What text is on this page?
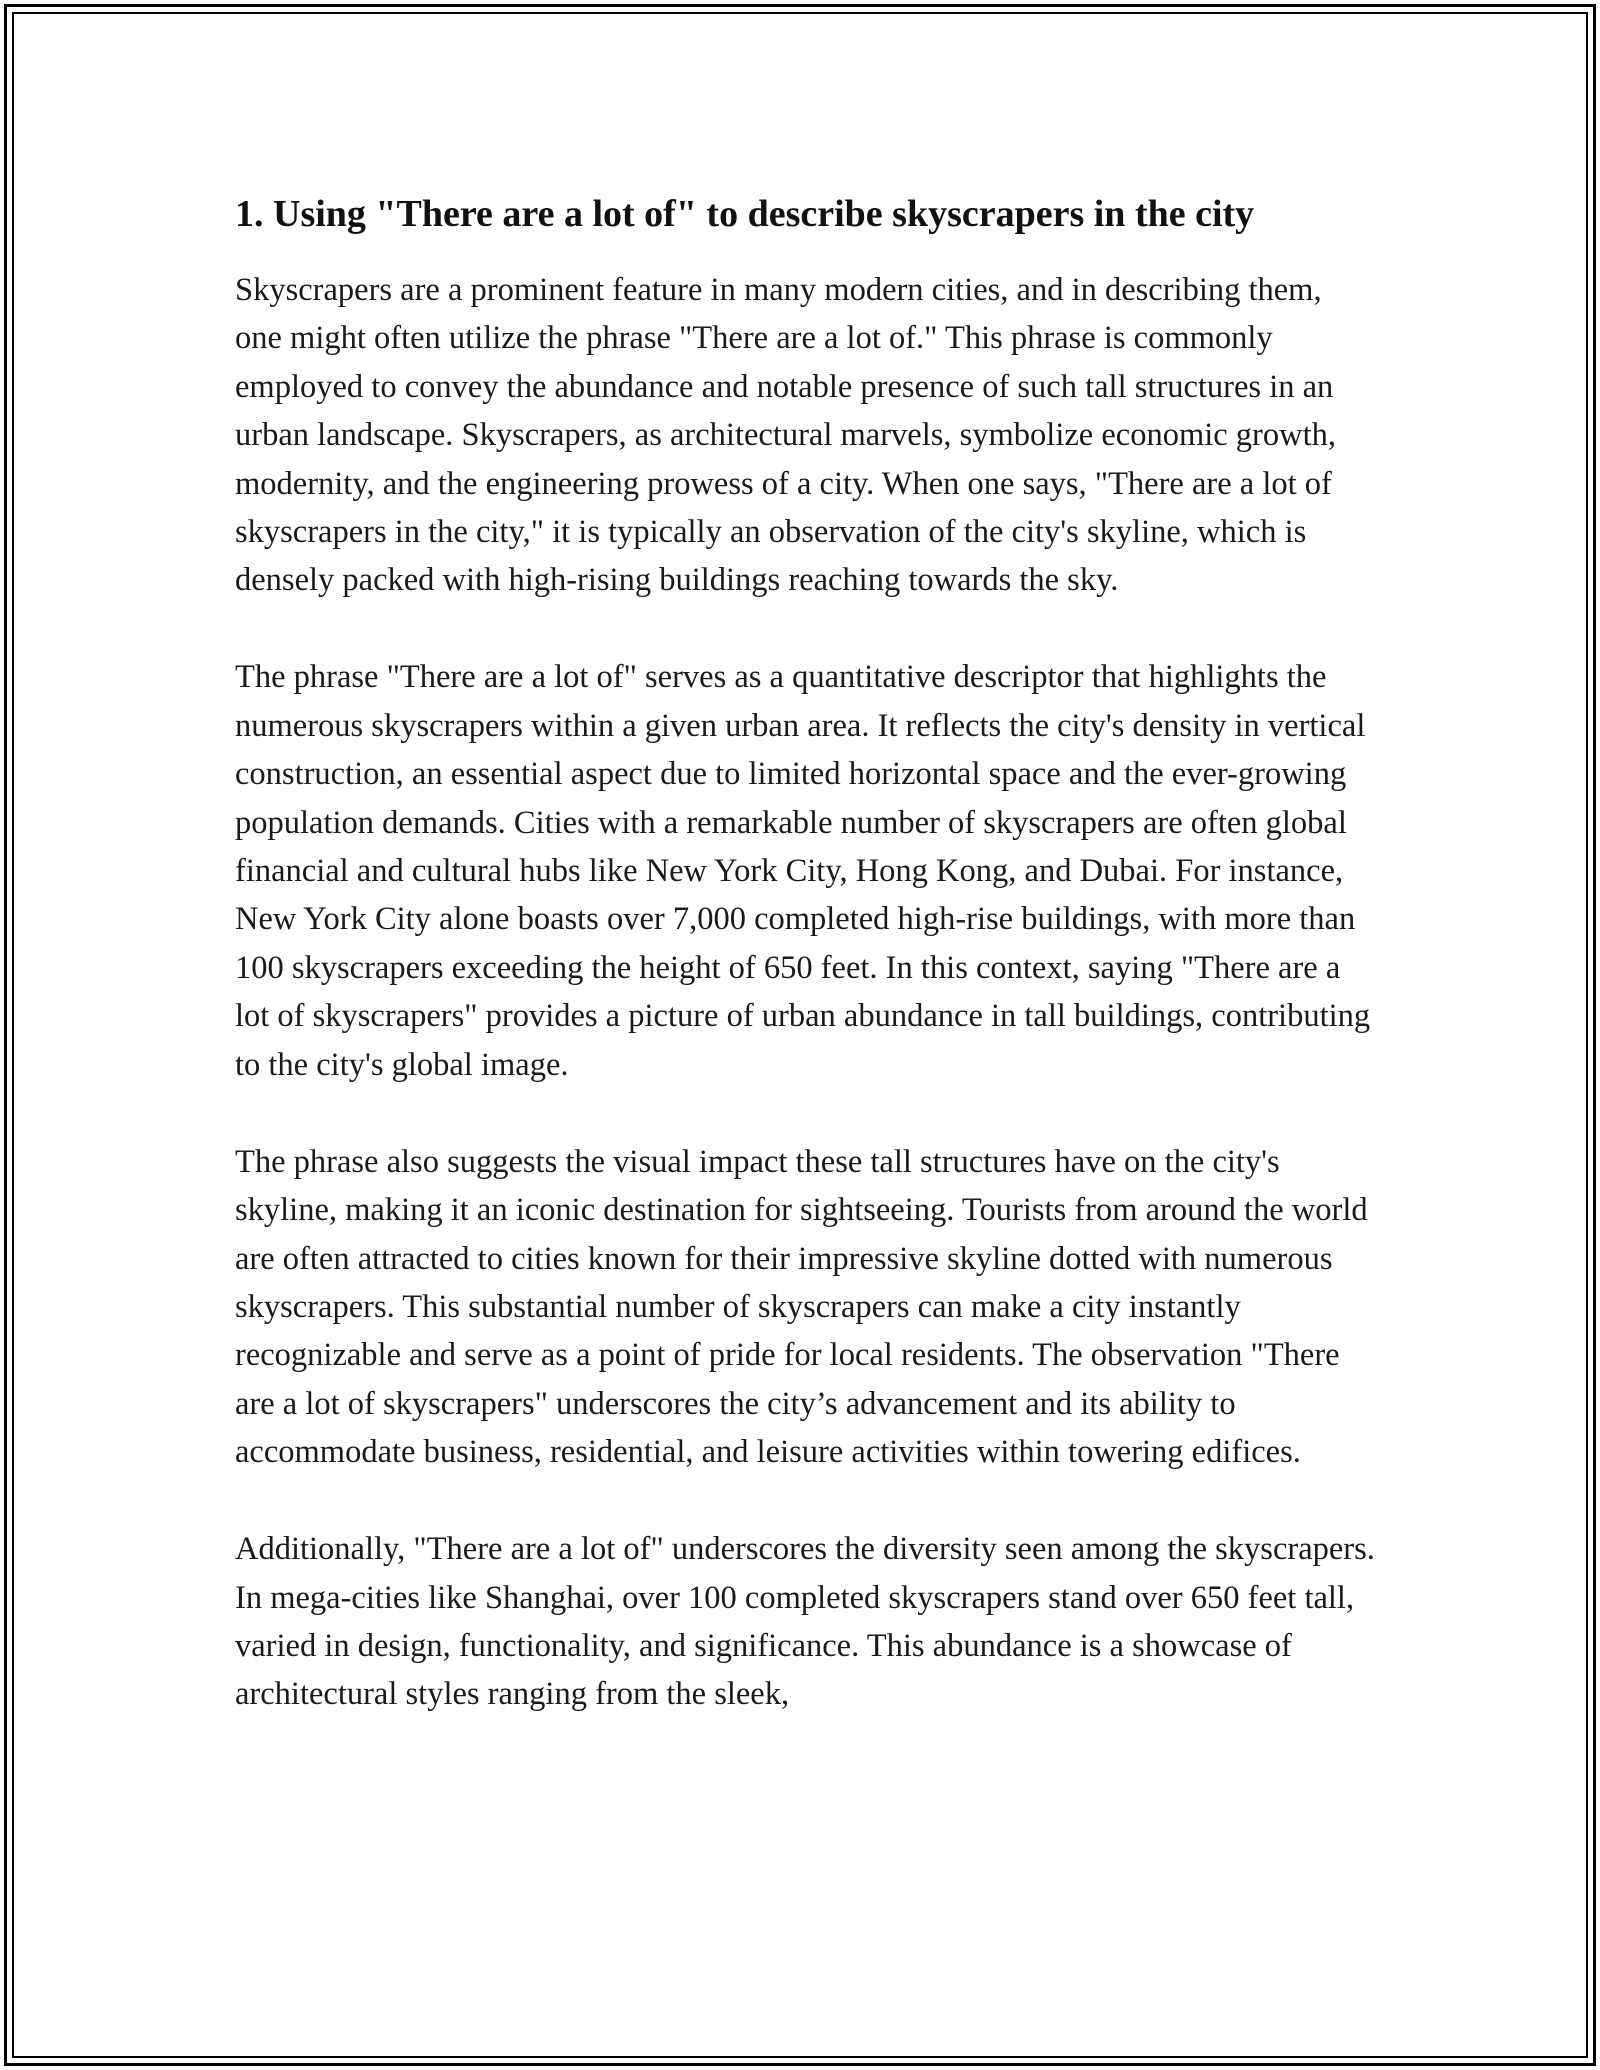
1. Using "There are a lot of" to describe skyscrapers in the city

Skyscrapers are a prominent feature in many modern cities, and in describing them, one might often utilize the phrase "There are a lot of." This phrase is commonly employed to convey the abundance and notable presence of such tall structures in an urban landscape. Skyscrapers, as architectural marvels, symbolize economic growth, modernity, and the engineering prowess of a city. When one says, "There are a lot of skyscrapers in the city," it is typically an observation of the city's skyline, which is densely packed with high-rising buildings reaching towards the sky.

The phrase "There are a lot of" serves as a quantitative descriptor that highlights the numerous skyscrapers within a given urban area. It reflects the city's density in vertical construction, an essential aspect due to limited horizontal space and the ever-growing population demands. Cities with a remarkable number of skyscrapers are often global financial and cultural hubs like New York City, Hong Kong, and Dubai. For instance, New York City alone boasts over 7,000 completed high-rise buildings, with more than 100 skyscrapers exceeding the height of 650 feet. In this context, saying "There are a lot of skyscrapers" provides a picture of urban abundance in tall buildings, contributing to the city's global image.

The phrase also suggests the visual impact these tall structures have on the city's skyline, making it an iconic destination for sightseeing. Tourists from around the world are often attracted to cities known for their impressive skyline dotted with numerous skyscrapers. This substantial number of skyscrapers can make a city instantly recognizable and serve as a point of pride for local residents. The observation "There are a lot of skyscrapers" underscores the city’s advancement and its ability to accommodate business, residential, and leisure activities within towering edifices.

Additionally, "There are a lot of" underscores the diversity seen among the skyscrapers. In mega-cities like Shanghai, over 100 completed skyscrapers stand over 650 feet tall, varied in design, functionality, and significance. This abundance is a showcase of architectural styles ranging from the sleek,
